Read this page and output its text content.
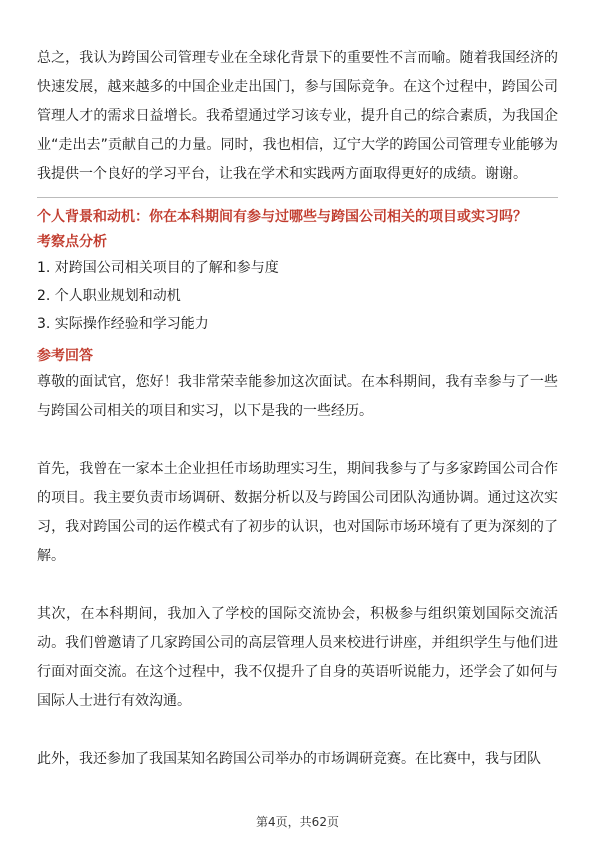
总之，我认为跨国公司管理专业在全球化背景下的重要性不言而喻。随着我国经济的快速发展，越来越多的中国企业走出国门，参与国际竞争。在这个过程中，跨国公司管理人才的需求日益增长。我希望通过学习该专业，提升自己的综合素质，为我国企业“走出去”贡献自己的力量。同时，我也相信，辽宁大学的跨国公司管理专业能够为我提供一个良好的学习平台，让我在学术和实践两方面取得更好的成绩。谢谢。

个人背景和动机：你在本科期间有参与过哪些与跨国公司相关的项目或实习吗？

考察点分析

1. 对跨国公司相关项目的了解和参与度

2. 个人职业规划和动机

3. 实际操作经验和学习能力

参考回答

尊敬的面试官，您好！我非常荣幸能参加这次面试。在本科期间，我有幸参与了一些与跨国公司相关的项目和实习，以下是我的一些经历。

首先，我曾在一家本土企业担任市场助理实习生，期间我参与了与多家跨国公司合作的项目。我主要负责市场调研、数据分析以及与跨国公司团队沟通协调。通过这次实习，我对跨国公司的运作模式有了初步的认识，也对国际市场环境有了更为深刻的了解。

其次，在本科期间，我加入了学校的国际交流协会，积极参与组织策划国际交流活动。我们曾邀请了几家跨国公司的高层管理人员来校进行讲座，并组织学生与他们进行面对面交流。在这个过程中，我不仅提升了自身的英语听说能力，还学会了如何与国际人士进行有效沟通。

此外，我还参加了我国某知名跨国公司举办的市场调研竞赛。在比赛中，我与团队

第4页，共62页
